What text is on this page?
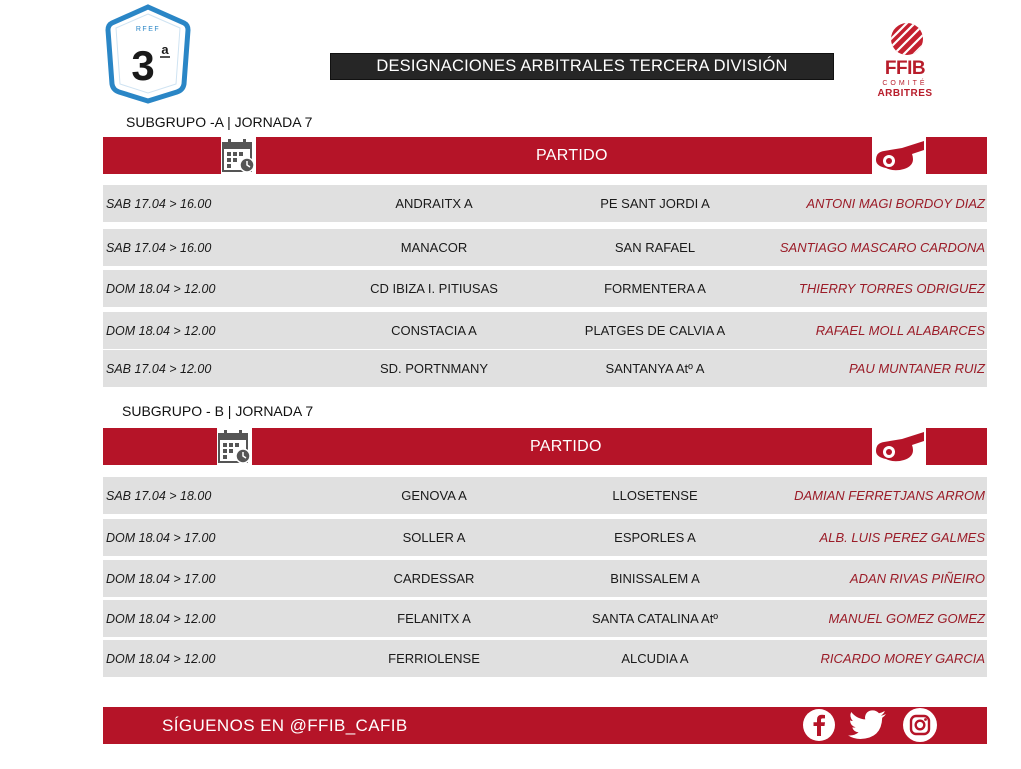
RFEF
3 a
DESIGNACIONES ARBITRALES TERCERA DIVISIÓN	FFIB
COMITÉ
ARBITRES
SUBGRUPO -A | JORNADA 7
PARTIDO
SAB 17.04 > 16.00	ANDRAITX A	PE SANT JORDI A	ANTONI MAGI BORDOY DIAZ
SAB 17.04 > 16.00	MANACOR	SAN RAFAEL	SANTIAGO MASCARO CARDONA
DOM 18.04 > 12.00	CD IBIZA I. PITIUSAS	FORMENTERA A	THIERRY TORRES ODRIGUEZ
DOM 18.04 > 12.00	CONSTACIA A	PLATGES DE CALVIA A	RAFAEL MOLL ALABARCES
SAB 17.04 > 12.00	SD. PORTNMANY	SANTANYA Atº A	PAU MUNTANER RUIZ
SUBGRUPO - B | JORNADA 7
PARTIDO
SAB 17.04 > 18.00	GENOVA A	LLOSETENSE	DAMIAN FERRETJANS ARROM
DOM 18.04 > 17.00	SOLLER A	ESPORLES A	ALB. LUIS PEREZ GALMES
DOM 18.04 > 17.00	CARDESSAR	BINISSALEM A	ADAN RIVAS PIÑEIRO
DOM 18.04 > 12.00	FELANITX A	SANTA CATALINA Atº	MANUEL GOMEZ GOMEZ
DOM 18.04 > 12.00	FERRIOLENSE	ALCUDIA A	RICARDO MOREY GARCIA
SÍGUENOS EN @FFIB_CAFIB
